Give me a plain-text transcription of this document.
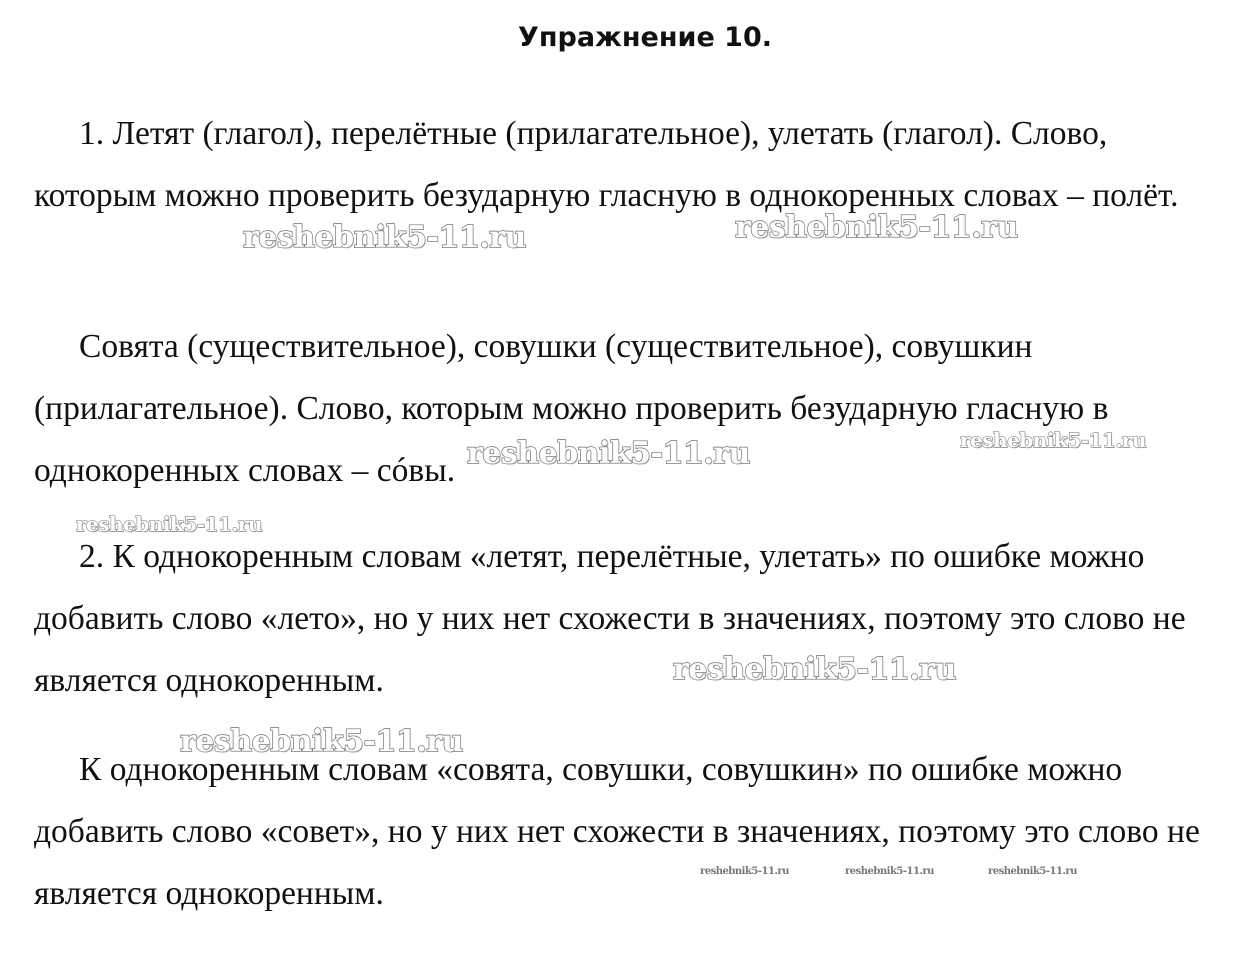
Упражнение 10.

1. Летят (глагол), перелётные (прилагательное), улетать (глагол). Слово, которым можно проверить безударную гласную в однокоренных словах – полёт.

Совята (существительное), совушки (существительное), совушкин (прилагательное). Слово, которым можно проверить безударную гласную в однокоренных словах – сóвы.

2. К однокоренным словам «летят, перелётные, улетать» по ошибке можно добавить слово «лето», но у них нет схожести в значениях, поэтому это слово не является однокоренным.

К однокоренным словам «совята, совушки, совушкин» по ошибке можно добавить слово «совет», но у них нет схожести в значениях, поэтому это слово не является однокоренным.

reshebnik5-11.ru	reshebnik5-11.ru
reshebnik5-11.ru	reshebnik5-11.ru
reshebnik5-11.ru
reshebnik5-11.ru
reshebnik5-11.ru
reshebnik5-11.ru	reshebnik5-11.ru	reshebnik5-11.ru
